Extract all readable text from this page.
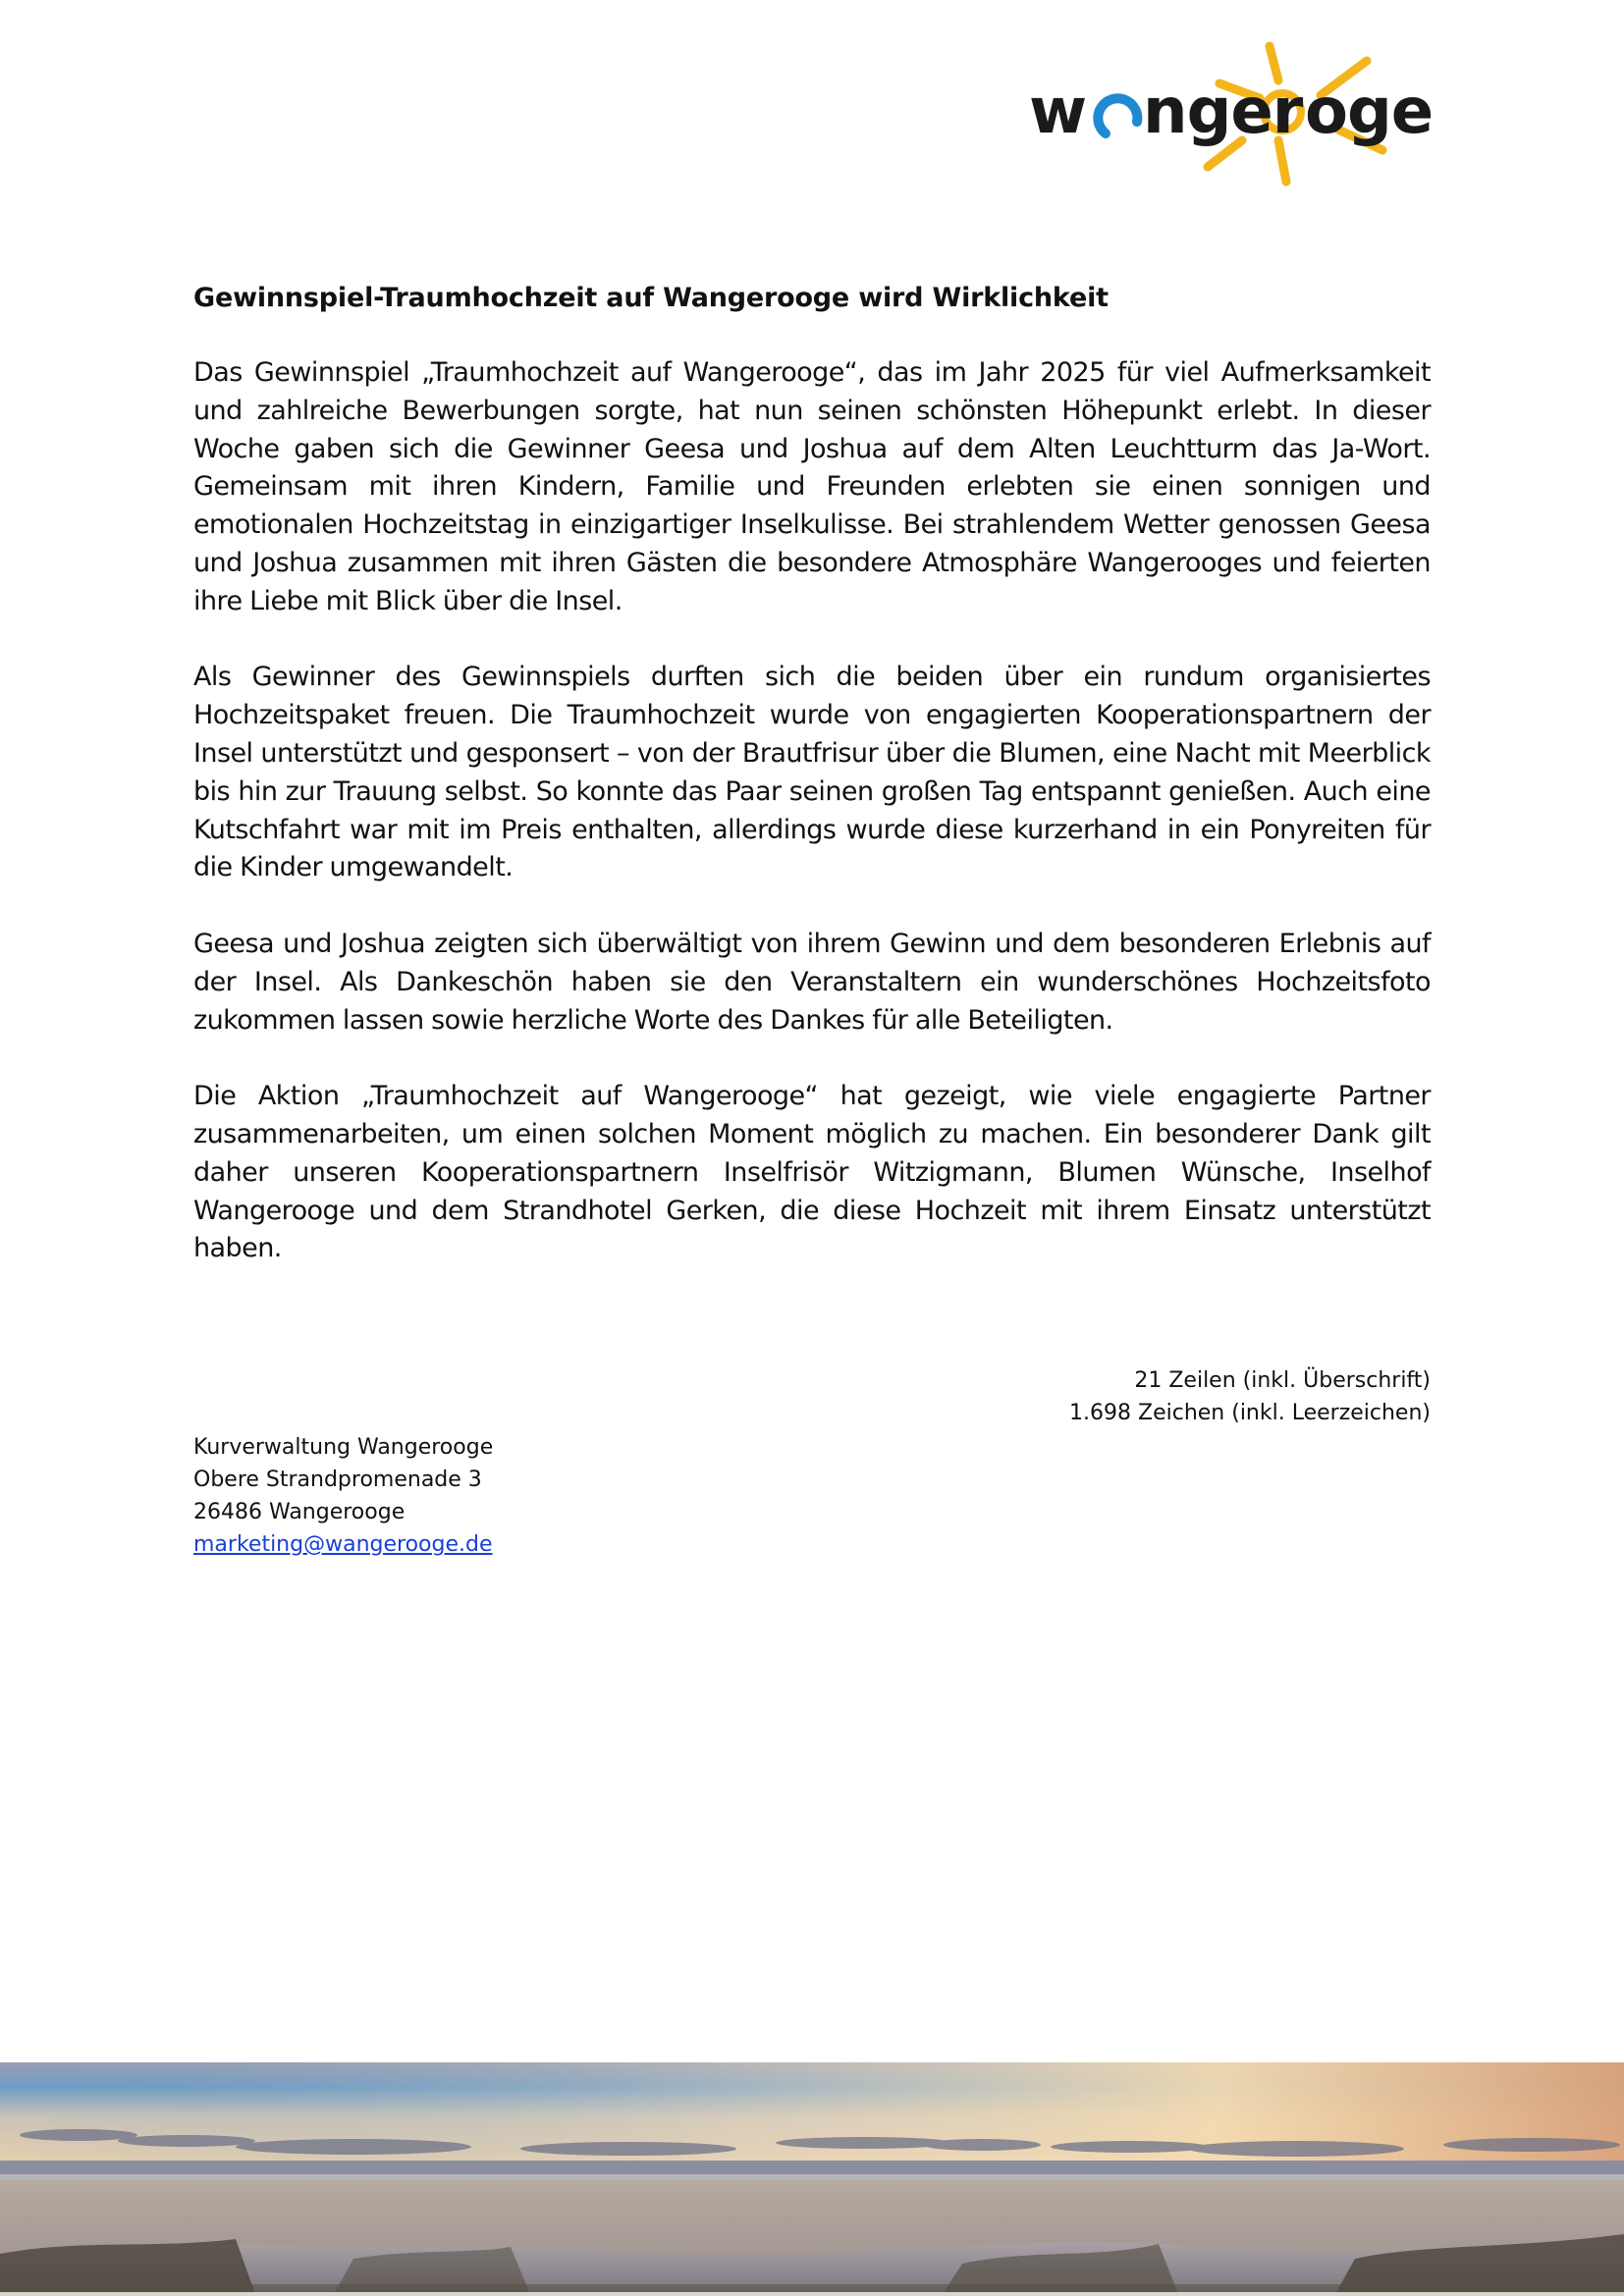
w nger oge
Gewinnspiel-Traumhochzeit auf Wangerooge wird Wirklichkeit

Das Gewinnspiel „Traumhochzeit auf Wangerooge“, das im Jahr 2025 für viel Aufmerksamkeit und zahlreiche Bewerbungen sorgte, hat nun seinen schönsten Höhepunkt erlebt. In dieser Woche gaben sich die Gewinner Geesa und Joshua auf dem Alten Leuchtturm das Ja-Wort. Gemeinsam mit ihren Kindern, Familie und Freunden erlebten sie einen sonnigen und emotionalen Hochzeitstag in einzigartiger Inselkulisse. Bei strahlendem Wetter genossen Geesa und Joshua zusammen mit ihren Gästen die besondere Atmosphäre Wangerooges und feierten ihre Liebe mit Blick über die Insel.

Als Gewinner des Gewinnspiels durften sich die beiden über ein rundum organisiertes Hochzeitspaket freuen. Die Traumhochzeit wurde von engagierten Kooperationspartnern der Insel unterstützt und gesponsert – von der Brautfrisur über die Blumen, eine Nacht mit Meerblick bis hin zur Trauung selbst. So konnte das Paar seinen großen Tag entspannt genießen. Auch eine Kutschfahrt war mit im Preis enthalten, allerdings wurde diese kurzerhand in ein Ponyreiten für die Kinder umgewandelt.

Geesa und Joshua zeigten sich überwältigt von ihrem Gewinn und dem besonderen Erlebnis auf der Insel. Als Dankeschön haben sie den Veranstaltern ein wunderschönes Hochzeitsfoto zukommen lassen sowie herzliche Worte des Dankes für alle Beteiligten.

Die Aktion „Traumhochzeit auf Wangerooge“ hat gezeigt, wie viele engagierte Partner zusammenarbeiten, um einen solchen Moment möglich zu machen. Ein besonderer Dank gilt daher unseren Kooperationspartnern Inselfrisör Witzigmann, Blumen Wünsche, Inselhof Wangerooge und dem Strandhotel Gerken, die diese Hochzeit mit ihrem Einsatz unterstützt haben.

21 Zeilen (inkl. Überschrift)
1.698 Zeichen (inkl. Leerzeichen)
Kurverwaltung Wangerooge
Obere Strandpromenade 3
26486 Wangerooge
marketing@wangerooge.de
